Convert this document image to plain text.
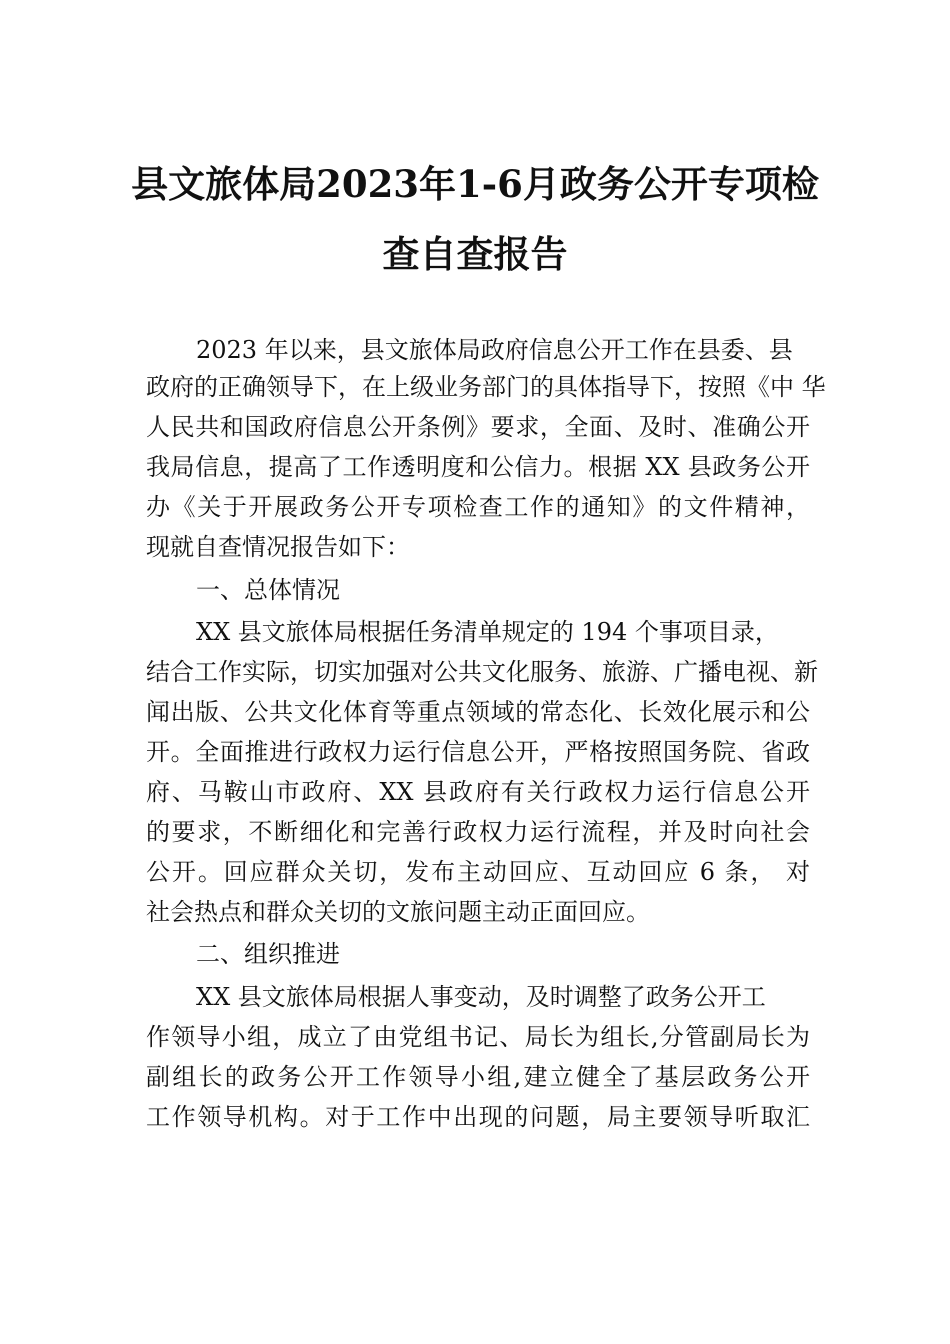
县文旅体局2023年1-6月政务公开专项检
查自查报告
2023 年以来，县文旅体局政府信息公开工作在县委、县
政府的正确领导下，在上级业务部门的具体指导下，按照《中 华
人民共和国政府信息公开条例》要求，全面、及时、准确公开
我局信息，提高了工作透明度和公信力。根据 XX 县政务公开
办《关于开展政务公开专项检查工作的通知》的文件精神，
现就自查情况报告如下：
一、总体情况
XX 县文旅体局根据任务清单规定的 194 个事项目录，
结合工作实际，切实加强对公共文化服务、旅游、广播电视、新
闻出版、公共文化体育等重点领域的常态化、长效化展示和公
开。全面推进行政权力运行信息公开，严格按照国务院、省政
府、马鞍山市政府、XX 县政府有关行政权力运行信息公开
的要求，不断细化和完善行政权力运行流程，并及时向社会
公开。回应群众关切，发布主动回应、互动回应 6 条， 对
社会热点和群众关切的文旅问题主动正面回应。
二、组织推进
XX 县文旅体局根据人事变动，及时调整了政务公开工
作领导小组，成立了由党组书记、局长为组长,分管副局长为
副组长的政务公开工作领导小组,建立健全了基层政务公开
工作领导机构。对于工作中出现的问题，局主要领导听取汇
